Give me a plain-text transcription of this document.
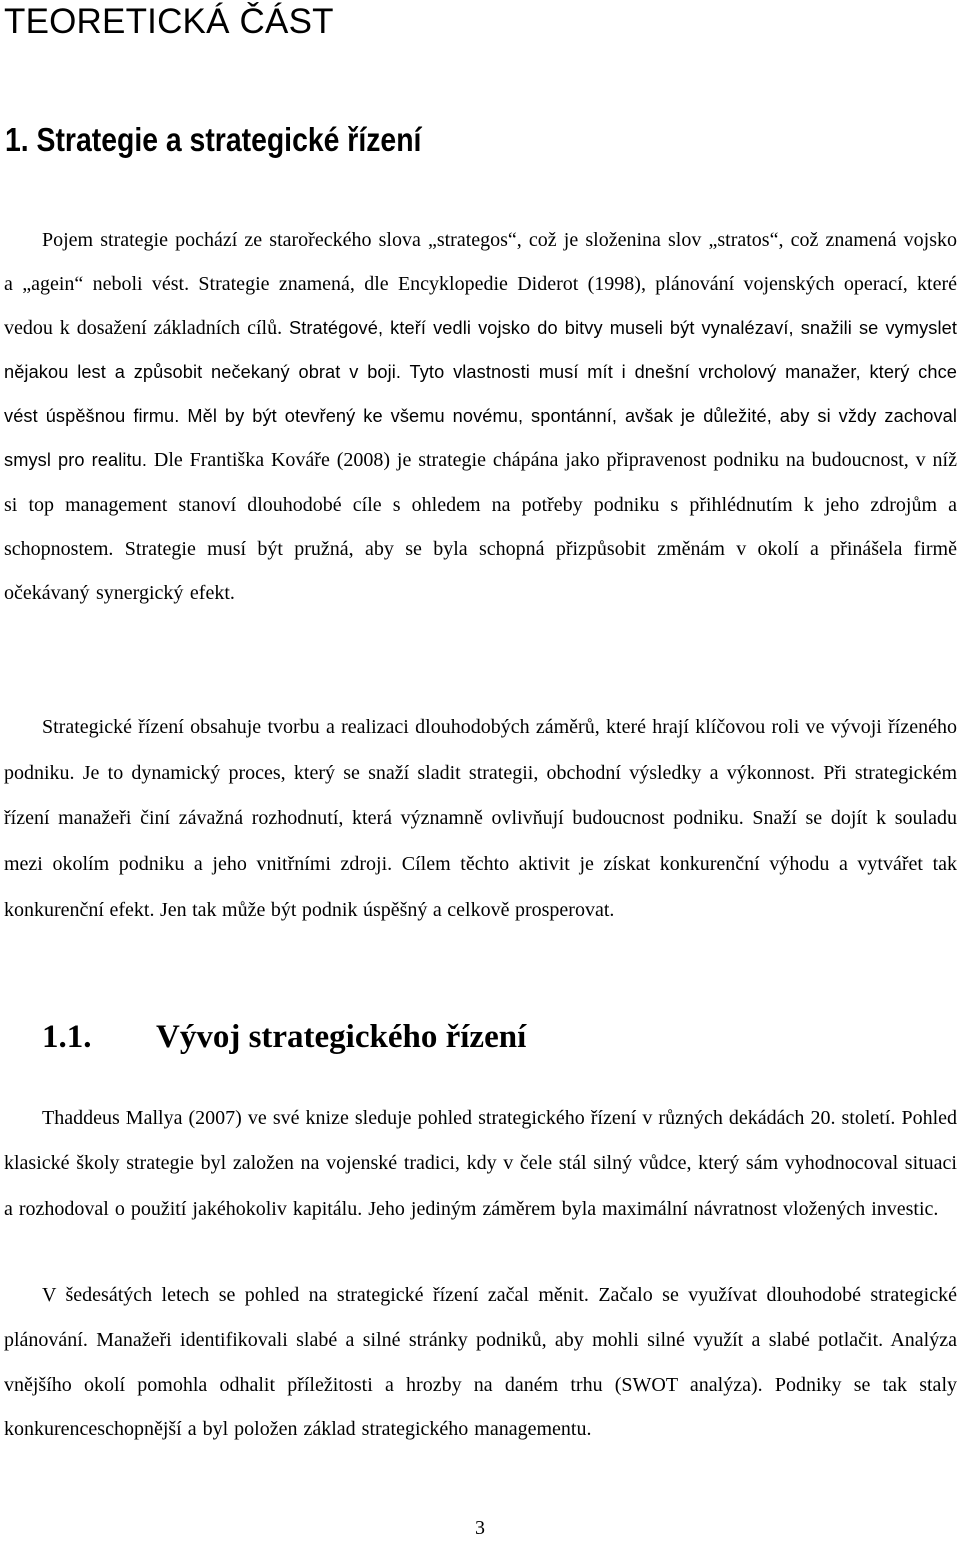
TEORETICKÁ ČÁST
1. Strategie a strategické řízení

Pojem strategie pochází ze starořeckého slova „strategos“, což je složenina slov „stratos“, což znamená vojsko a „agein“ neboli vést. Strategie znamená, dle Encyklopedie Diderot (1998), plánování vojenských operací, které vedou k dosažení základních cílů. Stratégové, kteří vedli vojsko do bitvy museli být vynalézaví, snažili se vymyslet nějakou lest a způsobit nečekaný obrat v boji. Tyto vlastnosti musí mít i dnešní vrcholový manažer, který chce vést úspěšnou firmu. Měl by být otevřený ke všemu novému, spontánní, avšak je důležité, aby si vždy zachoval smysl pro realitu. Dle Františka Kováře (2008) je strategie chápána jako připravenost podniku na budoucnost, v níž si top management stanoví dlouhodobé cíle s ohledem na potřeby podniku s přihlédnutím k jeho zdrojům a schopnostem. Strategie musí být pružná, aby se byla schopná přizpůsobit změnám v okolí a přinášela firmě očekávaný synergický efekt.

Strategické řízení obsahuje tvorbu a realizaci dlouhodobých záměrů, které hrají klíčovou roli ve vývoji řízeného podniku. Je to dynamický proces, který se snaží sladit strategii, obchodní výsledky a výkonnost. Při strategickém řízení manažeři činí závažná rozhodnutí, která významně ovlivňují budoucnost podniku. Snaží se dojít k souladu mezi okolím podniku a jeho vnitřními zdroji. Cílem těchto aktivit je získat konkurenční výhodu a vytvářet tak konkurenční efekt. Jen tak může být podnik úspěšný a celkově prosperovat.

1.1. Vývoj strategického řízení

Thaddeus Mallya (2007) ve své knize sleduje pohled strategického řízení v různých dekádách 20. století. Pohled klasické školy strategie byl založen na vojenské tradici, kdy v čele stál silný vůdce, který sám vyhodnocoval situaci a rozhodoval o použití jakéhokoliv kapitálu. Jeho jediným záměrem byla maximální návratnost vložených investic.

V šedesátých letech se pohled na strategické řízení začal měnit. Začalo se využívat dlouhodobé strategické plánování. Manažeři identifikovali slabé a silné stránky podniků, aby mohli silné využít a slabé potlačit. Analýza vnějšího okolí pomohla odhalit příležitosti a hrozby na daném trhu (SWOT analýza). Podniky se tak staly konkurenceschopnější a byl položen základ strategického managementu.

3
